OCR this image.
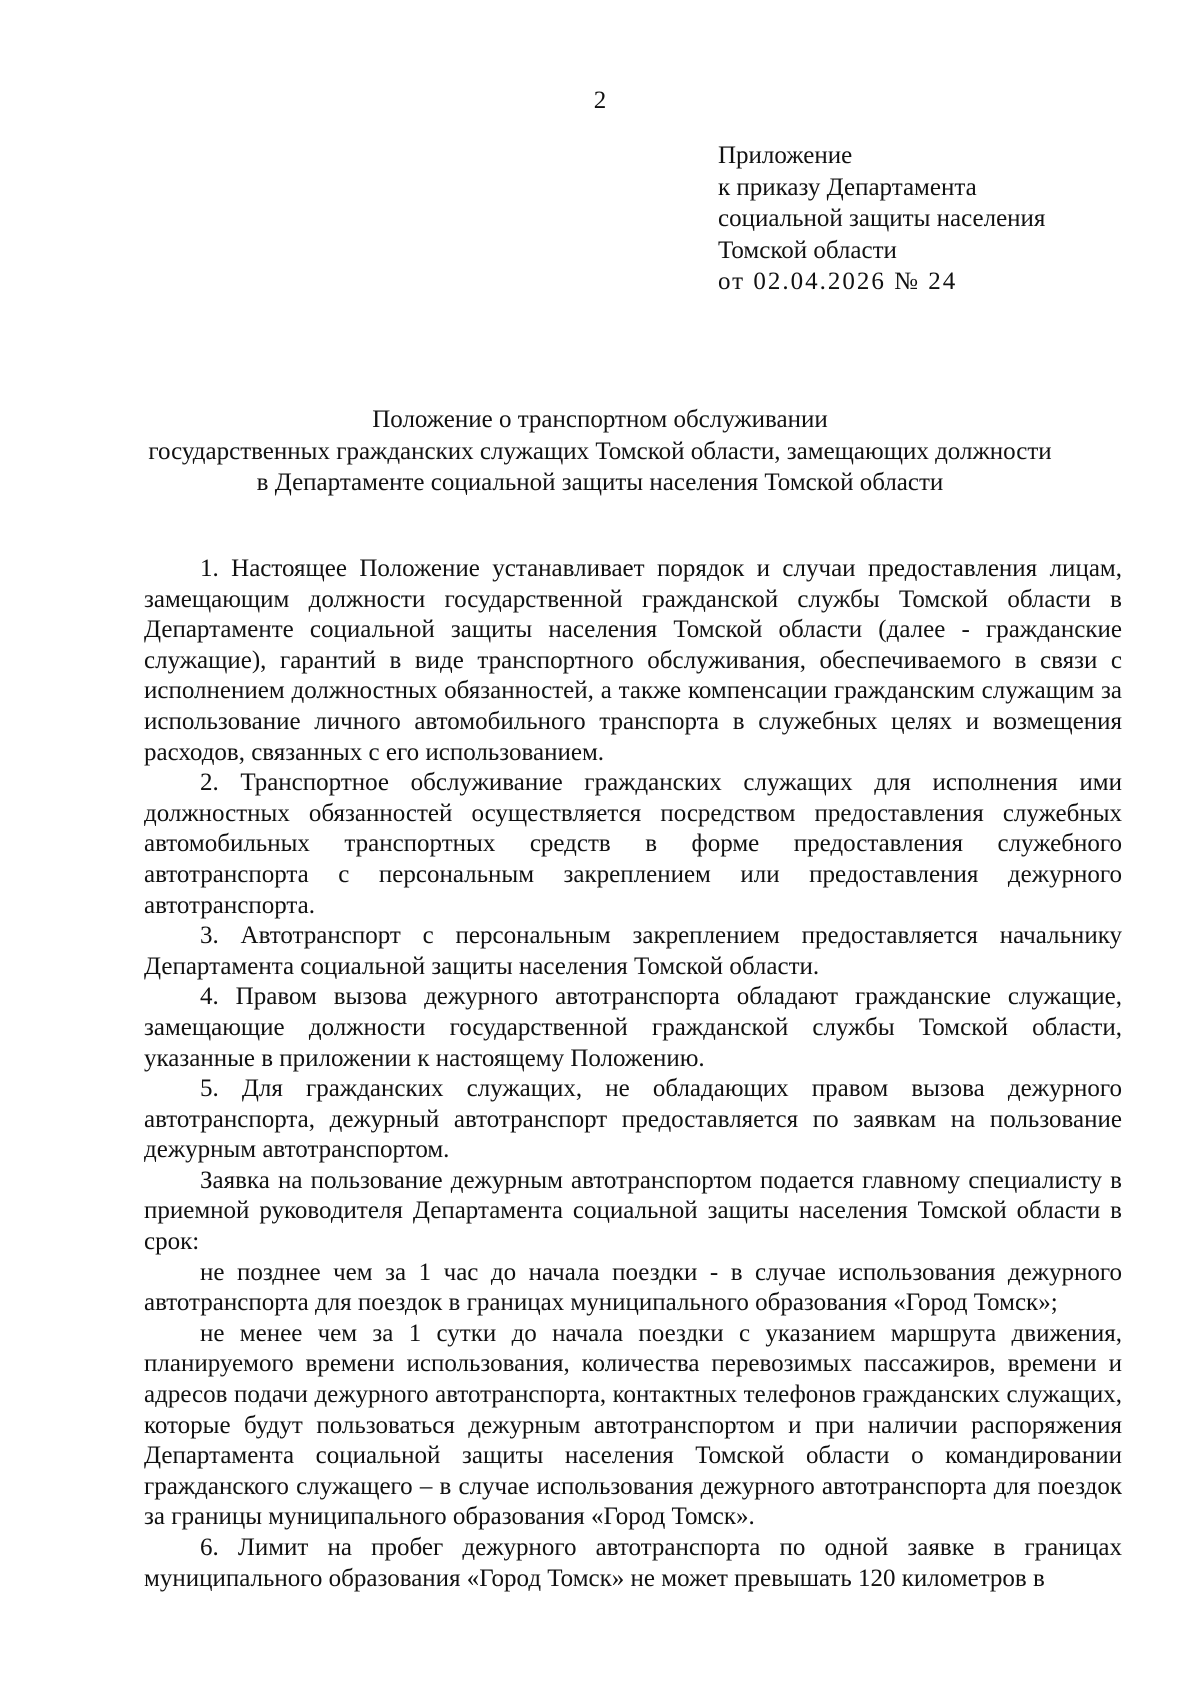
2
Приложение
к приказу Департамента
социальной защиты населения
Томской области
от 02.04.2026 № 24
Положение о транспортном обслуживании
государственных гражданских служащих Томской области, замещающих должности
в Департаменте социальной защиты населения Томской области

1. Настоящее Положение устанавливает порядок и случаи предоставления лицам, замещающим должности государственной гражданской службы Томской области в Департаменте социальной защиты населения Томской области (далее - гражданские служащие), гарантий в виде транспортного обслуживания, обеспечиваемого в связи с исполнением должностных обязанностей, а также компенсации гражданским служащим за использование личного автомобильного транспорта в служебных целях и возмещения расходов, связанных с его использованием.

2. Транспортное обслуживание гражданских служащих для исполнения ими должностных обязанностей осуществляется посредством предоставления служебных автомобильных транспортных средств в форме предоставления служебного автотранспорта с персональным закреплением или предоставления дежурного автотранспорта.

3. Автотранспорт с персональным закреплением предоставляется начальнику Департамента социальной защиты населения Томской области.

4. Правом вызова дежурного автотранспорта обладают гражданские служащие, замещающие должности государственной гражданской службы Томской области, указанные в приложении к настоящему Положению.

5. Для гражданских служащих, не обладающих правом вызова дежурного автотранспорта, дежурный автотранспорт предоставляется по заявкам на пользование дежурным автотранспортом.

Заявка на пользование дежурным автотранспортом подается главному специалисту в приемной руководителя Департамента социальной защиты населения Томской области в срок:

не позднее чем за 1 час до начала поездки - в случае использования дежурного автотранспорта для поездок в границах муниципального образования «Город Томск»;

не менее чем за 1 сутки до начала поездки с указанием маршрута движения, планируемого времени использования, количества перевозимых пассажиров, времени и адресов подачи дежурного автотранспорта, контактных телефонов гражданских служащих, которые будут пользоваться дежурным автотранспортом и при наличии распоряжения Департамента социальной защиты населения Томской области о командировании гражданского служащего – в случае использования дежурного автотранспорта для поездок за границы муниципального образования «Город Томск».

6. Лимит на пробег дежурного автотранспорта по одной заявке в границах муниципального образования «Город Томск» не может превышать 120 километров в
